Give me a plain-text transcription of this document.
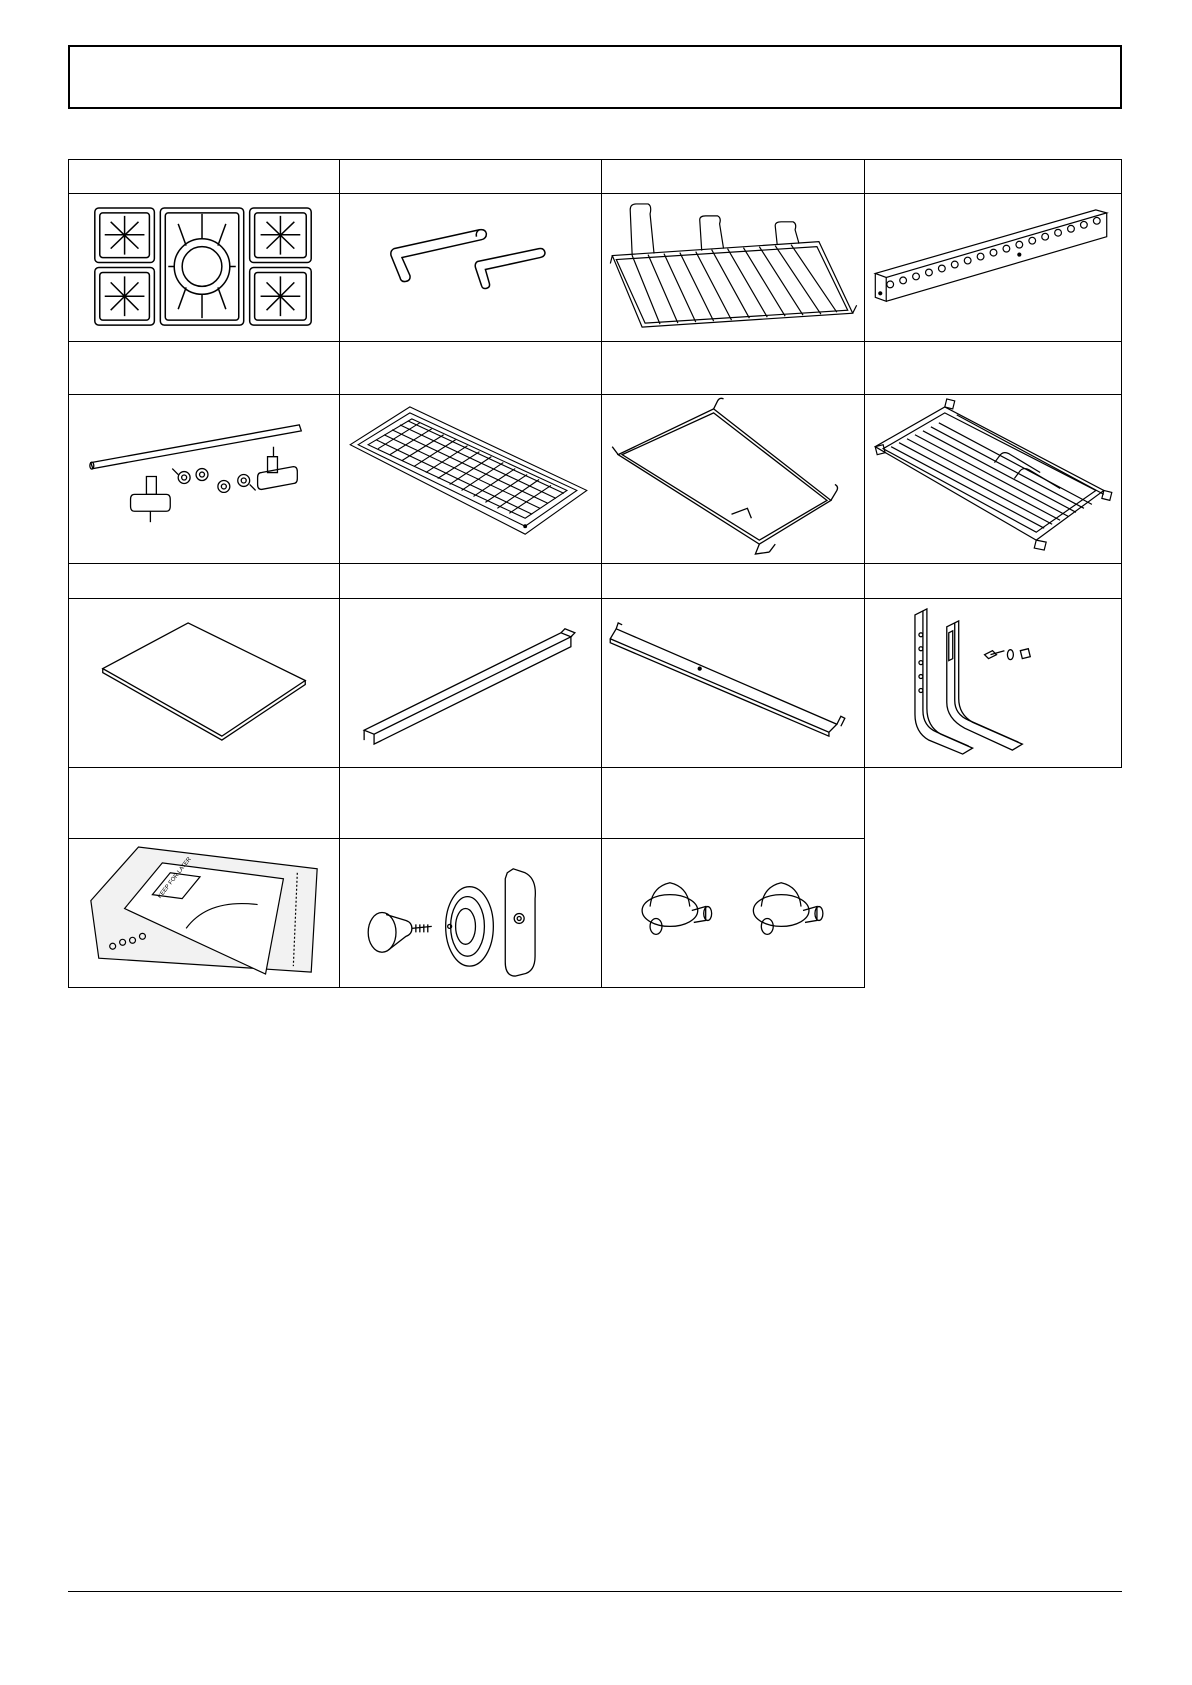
KEEP FOR LATER
